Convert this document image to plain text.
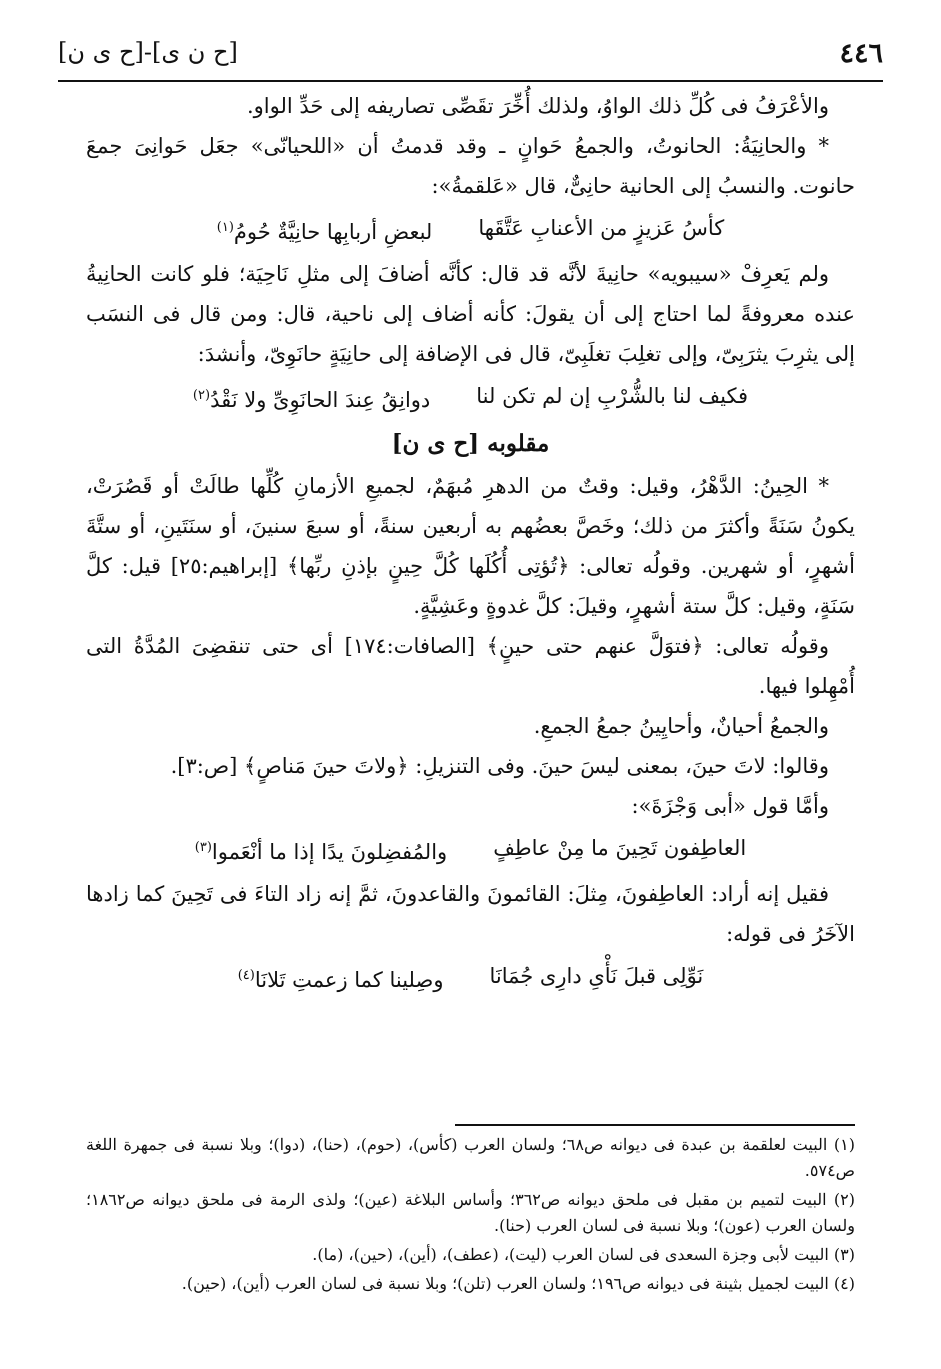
٤٤٦
[ح ن ى]-[ح ى ن]

والأعْرَفُ فى كُلِّ ذلك الواوُ، ولذلك أُخِّرَ تقَصِّى تصاريفه إلى حَدِّ الواو.

* والحانِيَةُ: الحانوتُ، والجمعُ حَوانٍ ـ وقد قدمتُ أن «اللحيانّى» جعَل حَوانِىَ جمعَ حانوت. والنسبُ إلى الحانية حانِىٌّ، قال «عَلقمةُ»:

كأسُ عَزيزٍ من الأعنابِ عَتَّقَها
لبعضِ أربابِها حانِيَّةٌ حُومُ$^{(١)}$

ولم يَعرِفْ «سيبويه» حانِيةَ لأنَّه قد قال: كأنَّه أضافَ إلى مثلِ نَاحِيَة؛ فلو كانت الحانِيةُ عنده معروفةً لما احتاج إلى أن يقولَ: كأنه أضاف إلى ناحية، قال: ومن قال فى النسَب إلى يثرِبَ يثرَبِىّ، وإلى تغلِبَ تغلَبِىّ، قال فى الإضافة إلى حانِيَةٍ حانَوِىّ، وأنشدَ:

فكيف لنا بالشُّرْبِ إن لم تكن لنا
دوانِقُ عِندَ الحانَوِىِّ ولا نَقْدُ$^{(٢)}$

مقلوبه [ح ى ن]

* الحِينُ: الدَّهْرُ، وقيل: وقتٌ من الدهرِ مُبهَمٌ، لجميعِ الأزمانِ كُلِّها طالَتْ أو قَصُرَتْ، يكونُ سَنَةً وأكثرَ من ذلك؛ وخَصَّ بعضُهم به أربعين سنةً، أو سبعَ سنينَ، أو سنَتَينِ، أو ستَّةَ أشهرٍ، أو شهرين. وقولُه تعالى: ﴿تُؤتِى أُكُلَها كُلَّ حِينٍ بإذنِ ربِّها﴾ [إبراهيم:٢٥] قيل: كلَّ سَنَةٍ، وقيل: كلَّ ستة أشهرٍ، وقيلَ: كلَّ غدوةٍ وعَشِيَّةٍ.

وقولُه تعالى: ﴿فتوَلَّ عنهم حتى حينٍ﴾ [الصافات:١٧٤] أى حتى تنقضِىَ المُدَّةُ التى أُمْهِلوا فيها.

والجمعُ أحيانٌ، وأحايِينُ جمعُ الجمعِ.

وقالوا: لاتَ حينَ، بمعنى ليسَ حينَ. وفى التنزيلِ: ﴿ولاتَ حينَ مَناصٍ﴾ [ص:٣].

وأمَّا قول «أبى وَجْزَةَ»:

العاطِفون تَحِينَ ما مِنْ عاطِفٍ
والمُفضِلونَ يدًا إذا ما أنْعَموا$^{(٣)}$

فقيل إنه أراد: العاطِفونَ، مِثلَ: القائمونَ والقاعدونَ، ثمَّ إنه زاد التاءَ فى تَحِينَ كما زادها الآخَرُ فى قوله:

نَوِّلِى قبلَ نَأْىِ دارِى جُمَانَا
وصِلينا كما زعمتِ تَلانَا$^{(٤)}$

(١) البيت لعلقمة بن عبدة فى ديوانه ص٦٨؛ ولسان العرب (كأس)، (حوم)، (حنا)، (دوا)؛ وبلا نسبة فى جمهرة اللغة ص٥٧٤.

(٢) البيت لتميم بن مقبل فى ملحق ديوانه ص٣٦٢؛ وأساس البلاغة (عين)؛ ولذى الرمة فى ملحق ديوانه ص١٨٦٢؛ ولسان العرب (عون)؛ وبلا نسبة فى لسان العرب (حنا).

(٣) البيت لأبى وجزة السعدى فى لسان العرب (ليت)، (عطف)، (أين)، (حين)، (ما).

(٤) البيت لجميل بثينة فى ديوانه ص١٩٦؛ ولسان العرب (تلن)؛ وبلا نسبة فى لسان العرب (أين)، (حين).
